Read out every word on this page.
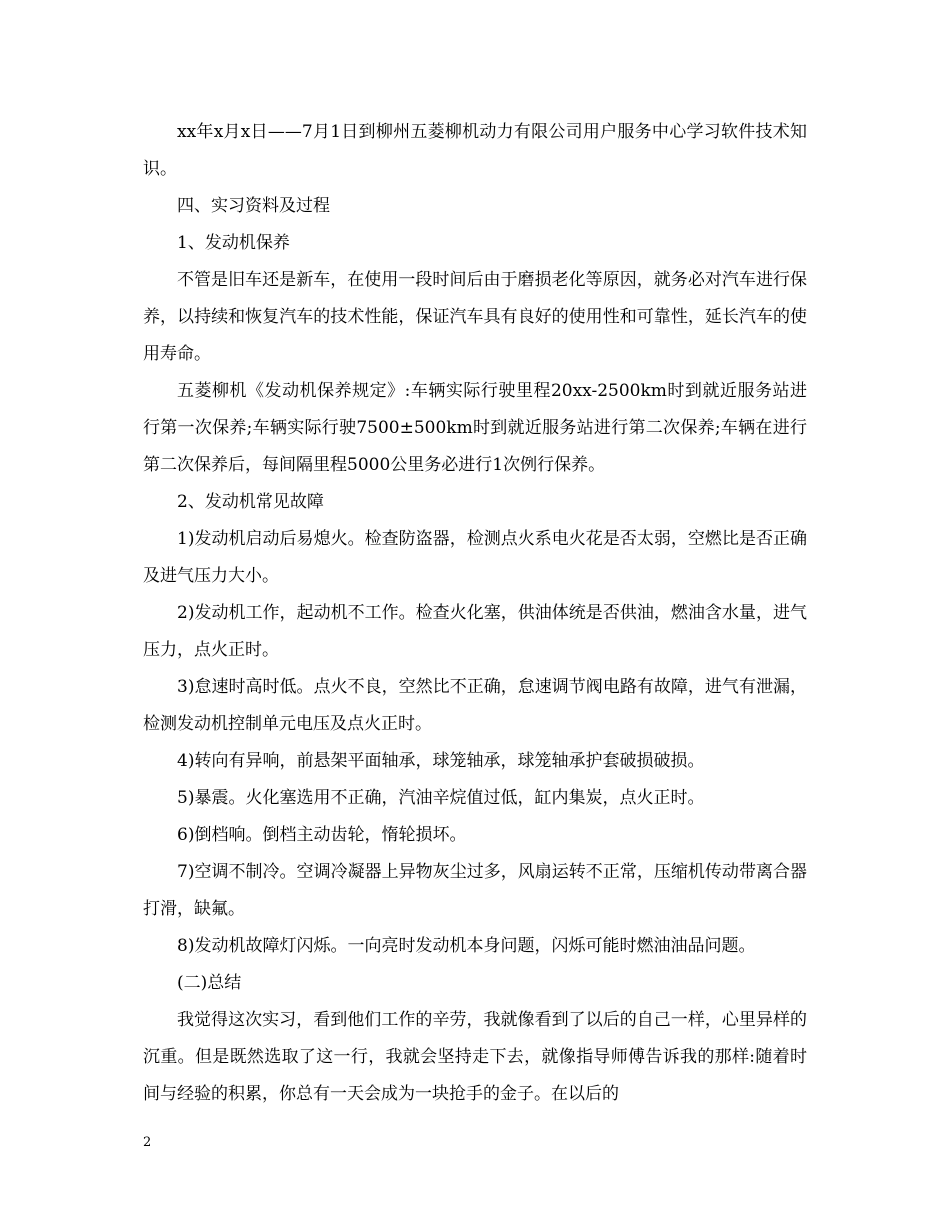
xx年x月x日——7月1日到柳州五菱柳机动力有限公司用户服务中心学习软件技术知识。

四、实习资料及过程

1、发动机保养

不管是旧车还是新车，在使用一段时间后由于磨损老化等原因，就务必对汽车进行保养，以持续和恢复汽车的技术性能，保证汽车具有良好的使用性和可靠性，延长汽车的使用寿命。

五菱柳机《发动机保养规定》:车辆实际行驶里程20xx-2500km时到就近服务站进行第一次保养;车辆实际行驶7500±500km时到就近服务站进行第二次保养;车辆在进行第二次保养后，每间隔里程5000公里务必进行1次例行保养。

2、发动机常见故障

1)发动机启动后易熄火。检查防盗器，检测点火系电火花是否太弱，空燃比是否正确及进气压力大小。

2)发动机工作，起动机不工作。检查火化塞，供油体统是否供油，燃油含水量，进气压力，点火正时。

3)怠速时高时低。点火不良，空然比不正确，怠速调节阀电路有故障，进气有泄漏，检测发动机控制单元电压及点火正时。

4)转向有异响，前悬架平面轴承，球笼轴承，球笼轴承护套破损破损。

5)暴震。火化塞选用不正确，汽油辛烷值过低，缸内集炭，点火正时。

6)倒档响。倒档主动齿轮，惰轮损坏。

7)空调不制冷。空调冷凝器上异物灰尘过多，风扇运转不正常，压缩机传动带离合器打滑，缺氟。

8)发动机故障灯闪烁。一向亮时发动机本身问题，闪烁可能时燃油油品问题。

(二)总结

我觉得这次实习，看到他们工作的辛劳，我就像看到了以后的自己一样，心里异样的沉重。但是既然选取了这一行，我就会坚持走下去，就像指导师傅告诉我的那样:随着时间与经验的积累，你总有一天会成为一块抢手的金子。在以后的

2
